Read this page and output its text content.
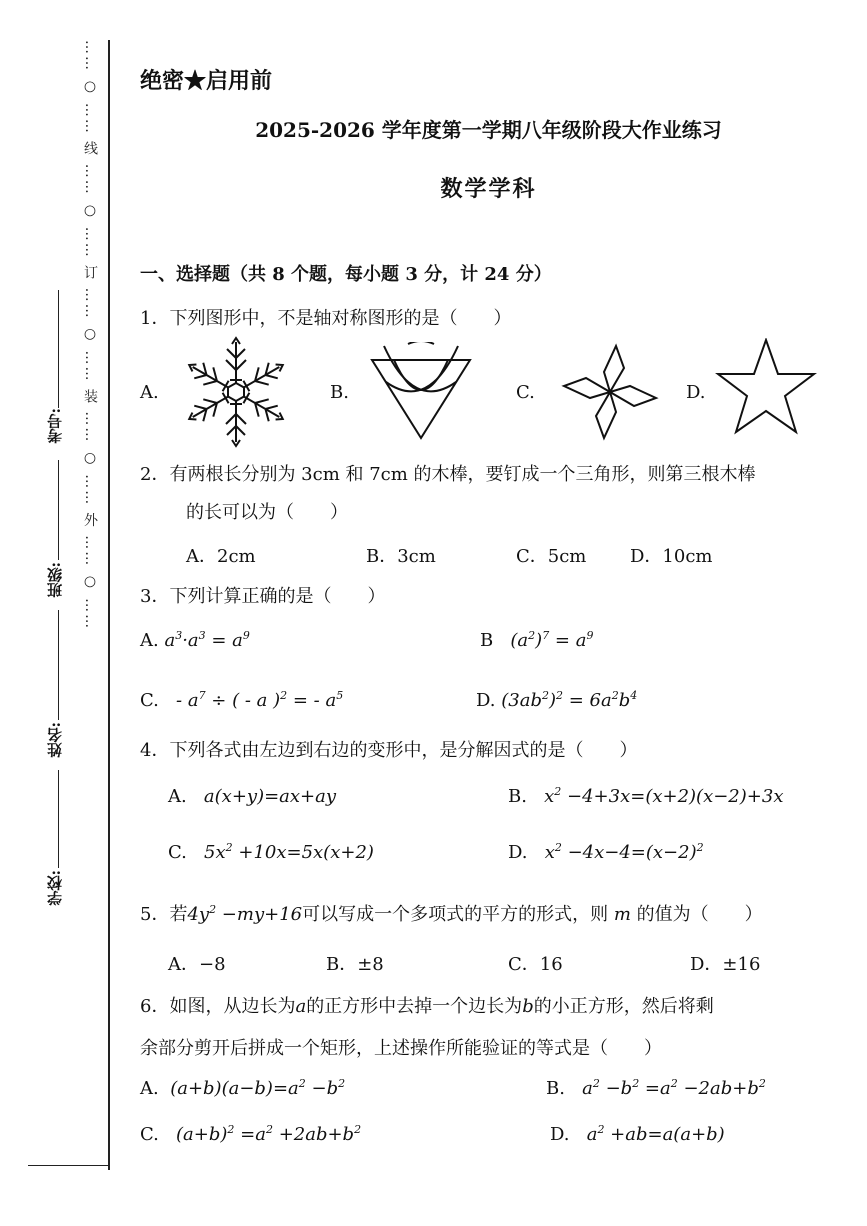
…… ○ …… 线 …… ○ …… 订 …… ○ …… 装 …… ○ …… 外 …… ○ ……
考号:
班级:
姓名:
学校:
绝密★启用前
2025-2026 学年度第一学期八年级阶段大作业练习
数学学科
一、选择题（共 8 个题，每小题 3 分，计 24 分）
1．下列图形中，不是轴对称图形的是（　　）
A.	B.	C.	D.
2．有两根长分别为 3cm 和 7cm 的木棒，要钉成一个三角形，则第三根木棒
的长可以为（　　）
A．2cm	B．3cm	C．5cm D．10cm
3．下列计算正确的是（　　）
A. $a^3\cdot a^3 = a^9$	B   $(a^2)^7 = a^9$
C.   - $a^7$ ÷ ( - a )$^2$ = - $a^5$	D. $(3ab^2)^2 = 6a^2b^4$
4．下列各式由左边到右边的变形中，是分解因式的是（　　）
A.   a(x+y)=ax+ay	B.   $x^2 -4+3x=(x+2)(x-2)+3x$
C.   $5x^2 +10x=5x(x+2)$	D.   $x^2 -4x-4=(x-2)^2$
5．若$4y^2 -my+16$可以写成一个多项式的平方的形式，则 m 的值为（　　）
A．−8	B．±8	C．16	D．±16
6．如图，从边长为a的正方形中去掉一个边长为b的小正方形，然后将剩
余部分剪开后拼成一个矩形，上述操作所能验证的等式是（　　）
A.  $(a+b)(a-b)=a^2 -b^2$	B.   $a^2 -b^2 =a^2 -2ab+b^2$
C.   $(a+b)^2 =a^2 +2ab+b^2$	D.   $a^2 +ab=a(a+b)$
